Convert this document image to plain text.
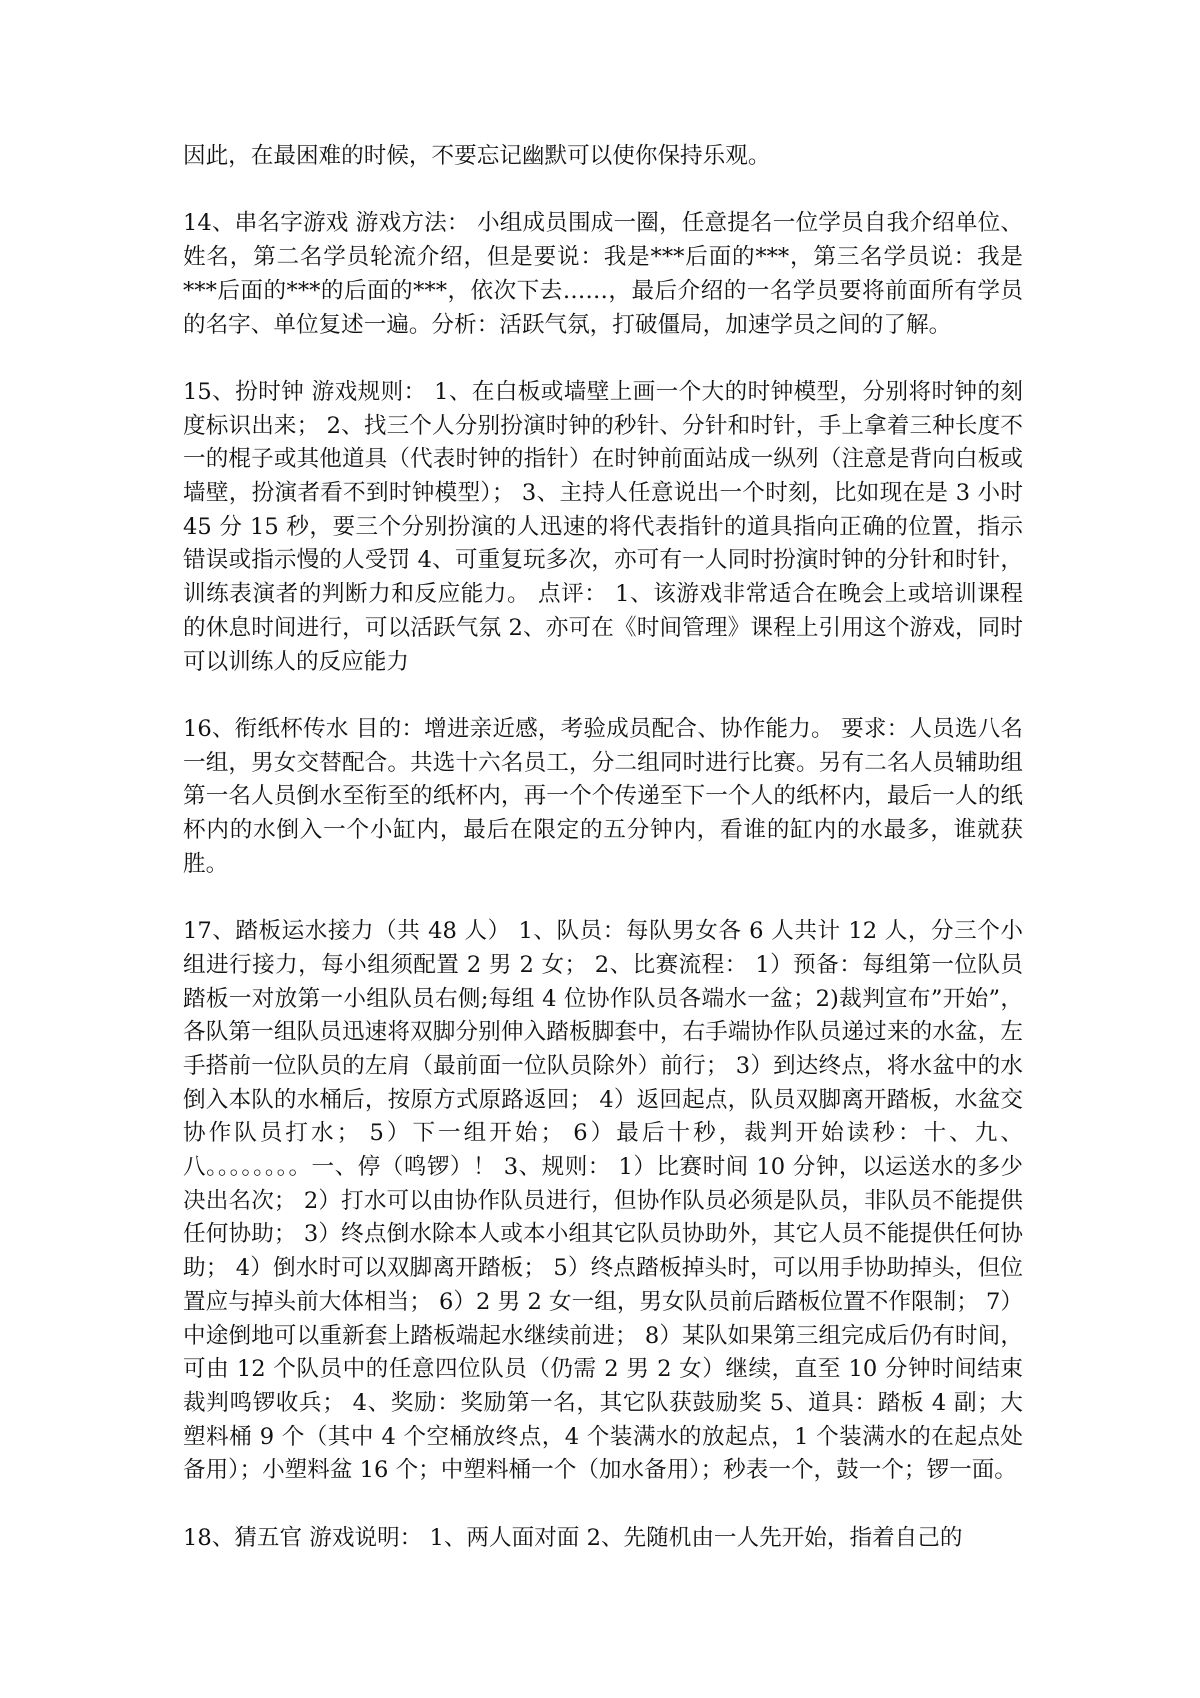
因此，在最困难的时候，不要忘记幽默可以使你保持乐观。

14、串名字游戏 游戏方法： 小组成员围成一圈，任意提名一位学员自我介绍单位、姓名，第二名学员轮流介绍，但是要说：我是***后面的***，第三名学员说：我是***后面的***的后面的***，依次下去……，最后介绍的一名学员要将前面所有学员的名字、单位复述一遍。分析：活跃气氛，打破僵局，加速学员之间的了解。

15、扮时钟 游戏规则： 1、在白板或墙壁上画一个大的时钟模型，分别将时钟的刻度标识出来； 2、找三个人分别扮演时钟的秒针、分针和时针，手上拿着三种长度不一的棍子或其他道具（代表时钟的指针）在时钟前面站成一纵列（注意是背向白板或墙壁，扮演者看不到时钟模型）； 3、主持人任意说出一个时刻，比如现在是 3 小时 45 分 15 秒，要三个分别扮演的人迅速的将代表指针的道具指向正确的位置，指示错误或指示慢的人受罚 4、可重复玩多次，亦可有一人同时扮演时钟的分针和时针，训练表演者的判断力和反应能力。 点评： 1、该游戏非常适合在晚会上或培训课程的休息时间进行，可以活跃气氛 2、亦可在《时间管理》课程上引用这个游戏，同时可以训练人的反应能力

16、衔纸杯传水 目的：增进亲近感，考验成员配合、协作能力。 要求：人员选八名一组，男女交替配合。共选十六名员工，分二组同时进行比赛。另有二名人员辅助组第一名人员倒水至衔至的纸杯内，再一个个传递至下一个人的纸杯内，最后一人的纸杯内的水倒入一个小缸内，最后在限定的五分钟内，看谁的缸内的水最多，谁就获胜。

17、踏板运水接力（共 48 人） 1、队员：每队男女各 6 人共计 12 人，分三个小组进行接力，每小组须配置 2 男 2 女； 2、比赛流程： 1）预备：每组第一位队员踏板一对放第一小组队员右侧;每组 4 位协作队员各端水一盆；2)裁判宣布”开始”，各队第一组队员迅速将双脚分别伸入踏板脚套中，右手端协作队员递过来的水盆，左手搭前一位队员的左肩（最前面一位队员除外）前行； 3）到达终点，将水盆中的水倒入本队的水桶后，按原方式原路返回； 4）返回起点，队员双脚离开踏板，水盆交协作队员打水； 5）下一组开始； 6）最后十秒，裁判开始读秒：十、九、八。。。。。。。。一、停（鸣锣）！ 3、规则： 1）比赛时间 10 分钟，以运送水的多少决出名次； 2）打水可以由协作队员进行，但协作队员必须是队员，非队员不能提供任何协助； 3）终点倒水除本人或本小组其它队员协助外，其它人员不能提供任何协助； 4）倒水时可以双脚离开踏板； 5）终点踏板掉头时，可以用手协助掉头，但位置应与掉头前大体相当； 6）2 男 2 女一组，男女队员前后踏板位置不作限制； 7）中途倒地可以重新套上踏板端起水继续前进； 8）某队如果第三组完成后仍有时间，可由 12 个队员中的任意四位队员（仍需 2 男 2 女）继续，直至 10 分钟时间结束裁判鸣锣收兵； 4、奖励：奖励第一名，其它队获鼓励奖 5、道具：踏板 4 副；大塑料桶 9 个（其中 4 个空桶放终点，4 个装满水的放起点，1 个装满水的在起点处备用）；小塑料盆 16 个；中塑料桶一个（加水备用）；秒表一个，鼓一个；锣一面。

18、猜五官 游戏说明： 1、两人面对面 2、先随机由一人先开始，指着自己的
